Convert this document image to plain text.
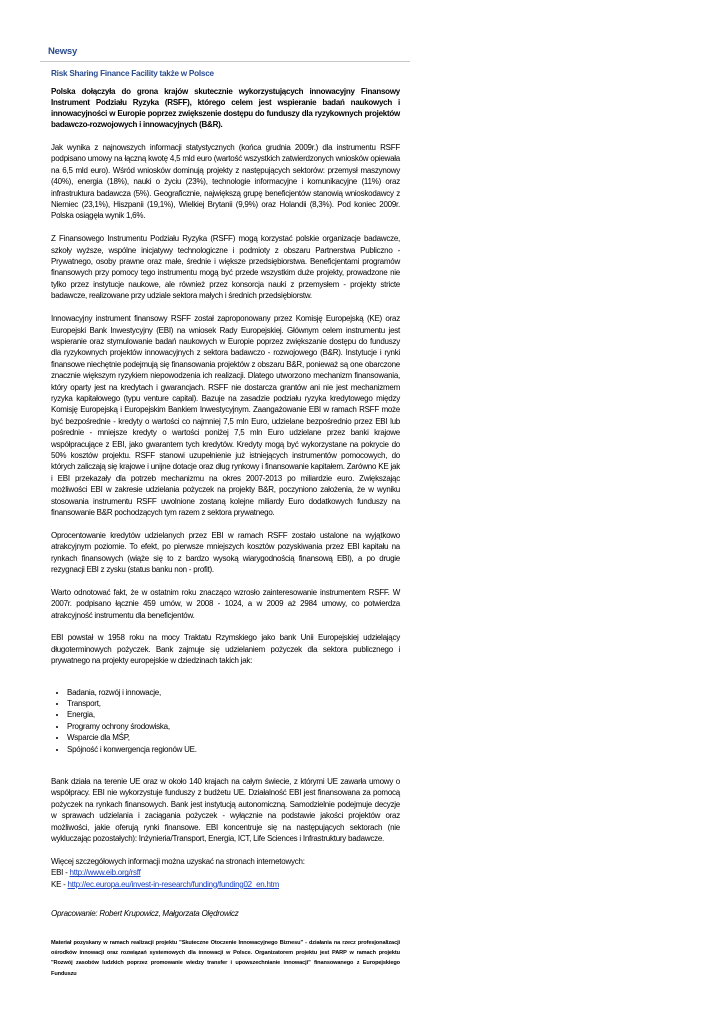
Newsy
Risk Sharing Finance Facility także w Polsce

Polska dołączyła do grona krajów skutecznie wykorzystujących innowacyjny Finansowy Instrument Podziału Ryzyka (RSFF), którego celem jest wspieranie badań naukowych i innowacyjności w Europie poprzez zwiększenie dostępu do funduszy dla ryzykownych projektów badawczo-rozwojowych i innowacyjnych (B&R).

Jak wynika z najnowszych informacji statystycznych (końca grudnia 2009r.) dla instrumentu RSFF podpisano umowy na łączną kwotę 4,5 mld euro (wartość wszystkich zatwierdzonych wniosków opiewała na 6,5 mld euro). Wśród wniosków dominują projekty z następujących sektorów: przemysł maszynowy (40%), energia (18%), nauki o życiu (23%), technologie informacyjne i komunikacyjne (11%) oraz infrastruktura badawcza (5%). Geograficznie, największą grupę beneficjentów stanowią wnioskodawcy z Niemiec (23,1%), Hiszpanii (19,1%), Wielkiej Brytanii (9,9%) oraz Holandii (8,3%). Pod koniec 2009r. Polska osiągęła wynik 1,6%.

Z Finansowego Instrumentu Podziału Ryzyka (RSFF) mogą korzystać polskie organizacje badawcze, szkoły wyższe, wspólne inicjatywy technologiczne i podmioty z obszaru Partnerstwa Publiczno - Prywatnego, osoby prawne oraz małe, średnie i większe przedsiębiorstwa. Beneficjentami programów finansowych przy pomocy tego instrumentu mogą być przede wszystkim duże projekty, prowadzone nie tylko przez instytucje naukowe, ale również przez konsorcja nauki z przemysłem - projekty stricte badawcze, realizowane przy udziale sektora małych i średnich przedsiębiorstw.

Innowacyjny instrument finansowy RSFF został zaproponowany przez Komisję Europejską (KE) oraz Europejski Bank Inwestycyjny (EBI) na wniosek Rady Europejskiej. Głównym celem instrumentu jest wspieranie oraz stymulowanie badań naukowych w Europie poprzez zwiększanie dostępu do funduszy dla ryzykownych projektów innowacyjnych z sektora badawczo - rozwojowego (B&R). Instytucje i rynki finansowe niechętnie podejmują się finansowania projektów z obszaru B&R, ponieważ są one obarczone znacznie większym ryzykiem niepowodzenia ich realizacji. Dlatego utworzono mechanizm finansowania, który oparty jest na kredytach i gwarancjach. RSFF nie dostarcza grantów ani nie jest mechanizmem ryzyka kapitałowego (typu venture capital). Bazuje na zasadzie podziału ryzyka kredytowego między Komisję Europejską i Europejskim Bankiem Inwestycyjnym. Zaangażowanie EBI w ramach RSFF może być bezpośrednie - kredyty o wartości co najmniej 7,5 mln Euro, udzielane bezpośrednio przez EBI lub pośrednie - mniejsze kredyty o wartości poniżej 7,5 mln Euro udzielane przez banki krajowe współpracujące z EBI, jako gwarantem tych kredytów. Kredyty mogą być wykorzystane na pokrycie do 50% kosztów projektu. RSFF stanowi uzupełnienie już istniejących instrumentów pomocowych, do których zaliczają się krajowe i unijne dotacje oraz dług rynkowy i finansowanie kapitałem. Zarówno KE jak i EBI przekazały dla potrzeb mechanizmu na okres 2007-2013 po miliardzie euro. Zwiększając możliwości EBI w zakresie udzielania pożyczek na projekty B&R, poczyniono założenia, że w wyniku stosowania instrumentu RSFF uwolnione zostaną kolejne miliardy Euro dodatkowych funduszy na finansowanie B&R pochodzących tym razem z sektora prywatnego.

Oprocentowanie kredytów udzielanych przez EBI w ramach RSFF zostało ustalone na wyjątkowo atrakcyjnym poziomie. To efekt, po pierwsze mniejszych kosztów pozyskiwania przez EBI kapitału na rynkach finansowych (wiąże się to z bardzo wysoką wiarygodnością finansową EBI), a po drugie rezygnacji EBI z zysku (status banku non - profit).

Warto odnotować fakt, że w ostatnim roku znacząco wzrosło zainteresowanie instrumentem RSFF. W 2007r. podpisano łącznie 459 umów, w 2008 - 1024, a w 2009 aż 2984 umowy, co potwierdza atrakcyjność instrumentu dla beneficjentów.

EBI powstał w 1958 roku na mocy Traktatu Rzymskiego jako bank Unii Europejskiej udzielający długoterminowych pożyczek. Bank zajmuje się udzielaniem pożyczek dla sektora publicznego i prywatnego na projekty europejskie w dziedzinach takich jak:

• Badania, rozwój i innowacje,
• Transport,
• Energia,
• Programy ochrony środowiska,
• Wsparcie dla MŚP,
• Spójność i konwergencja regionów UE.

Bank działa na terenie UE oraz w około 140 krajach na całym świecie, z którymi UE zawarła umowy o współpracy. EBI nie wykorzystuje funduszy z budżetu UE. Działalność EBI jest finansowana za pomocą pożyczek na rynkach finansowych. Bank jest instytucją autonomiczną. Samodzielnie podejmuje decyzje w sprawach udzielania i zaciągania pożyczek - wyłącznie na podstawie jakości projektów oraz możliwości, jakie oferują rynki finansowe. EBI koncentruje się na następujących sektorach (nie wykluczając pozostałych): Inżynieria/Transport, Energia, ICT, Life Sciences i Infrastruktury badawcze.

Więcej szczegółowych informacji można uzyskać na stronach internetowych:
EBI - http://www.eib.org/rsff
KE - http://ec.europa.eu/invest-in-research/funding/funding02_en.htm
Opracowanie: Robert Krupowicz, Małgorzata Olędrowicz
Materiał pozyskany w ramach realizacji projektu "Skuteczne Otoczenie Innowacyjnego Biznesu" - działania na rzecz profesjonalizacji ośrodków innowacji oraz rozwiązań systemowych dla innowacji w Polsce. Organizatorem projektu jest PARP w ramach projektu "Rozwój zasobów ludzkich poprzez promowanie wiedzy transfer i upowszechnianie innowacji" finansowanego z Europejskiego Funduszu
